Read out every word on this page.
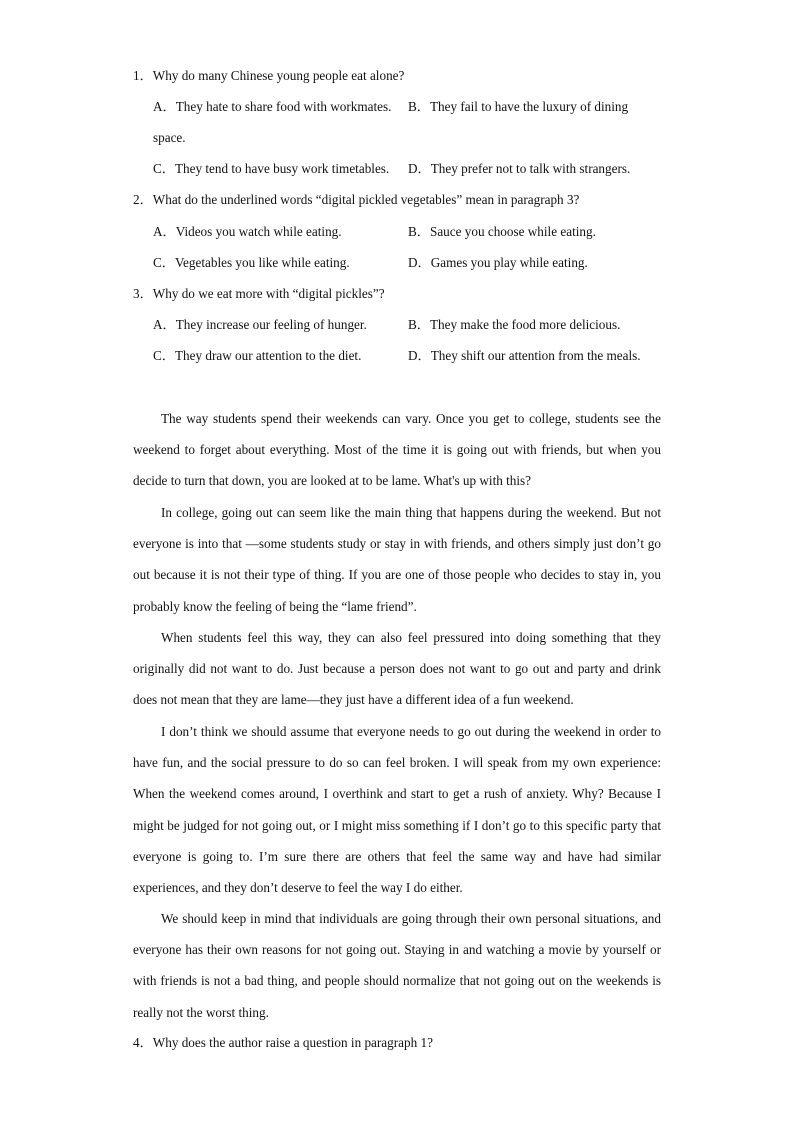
1．Why do many Chinese young people eat alone?
A．They hate to share food with workmates. B．They fail to have the luxury of dining
space.
C．They tend to have busy work timetables. D．They prefer not to talk with strangers.
2．What do the underlined words “digital pickled vegetables” mean in paragraph 3?
A．Videos you watch while eating.	B．Sauce you choose while eating.
C．Vegetables you like while eating.	D．Games you play while eating.
3．Why do we eat more with “digital pickles”?
A．They increase our feeling of hunger.	B．They make the food more delicious.
C．They draw our attention to the diet.	D．They shift our attention from the meals.
The way students spend their weekends can vary. Once you get to college, students see the weekend to forget about everything. Most of the time it is going out with friends, but when you decide to turn that down, you are looked at to be lame. What's up with this?
In college, going out can seem like the main thing that happens during the weekend. But not everyone is into that —some students study or stay in with friends, and others simply just don’t go out because it is not their type of thing. If you are one of those people who decides to stay in, you probably know the feeling of being the “lame friend”.
When students feel this way, they can also feel pressured into doing something that they originally did not want to do. Just because a person does not want to go out and party and drink does not mean that they are lame—they just have a different idea of a fun weekend.
I don’t think we should assume that everyone needs to go out during the weekend in order to have fun, and the social pressure to do so can feel broken. I will speak from my own experience: When the weekend comes around, I overthink and start to get a rush of anxiety. Why? Because I might be judged for not going out, or I might miss something if I don’t go to this specific party that everyone is going to. I’m sure there are others that feel the same way and have had similar experiences, and they don’t deserve to feel the way I do either.
We should keep in mind that individuals are going through their own personal situations, and everyone has their own reasons for not going out. Staying in and watching a movie by yourself or with friends is not a bad thing, and people should normalize that not going out on the weekends is really not the worst thing.
4．Why does the author raise a question in paragraph 1?
